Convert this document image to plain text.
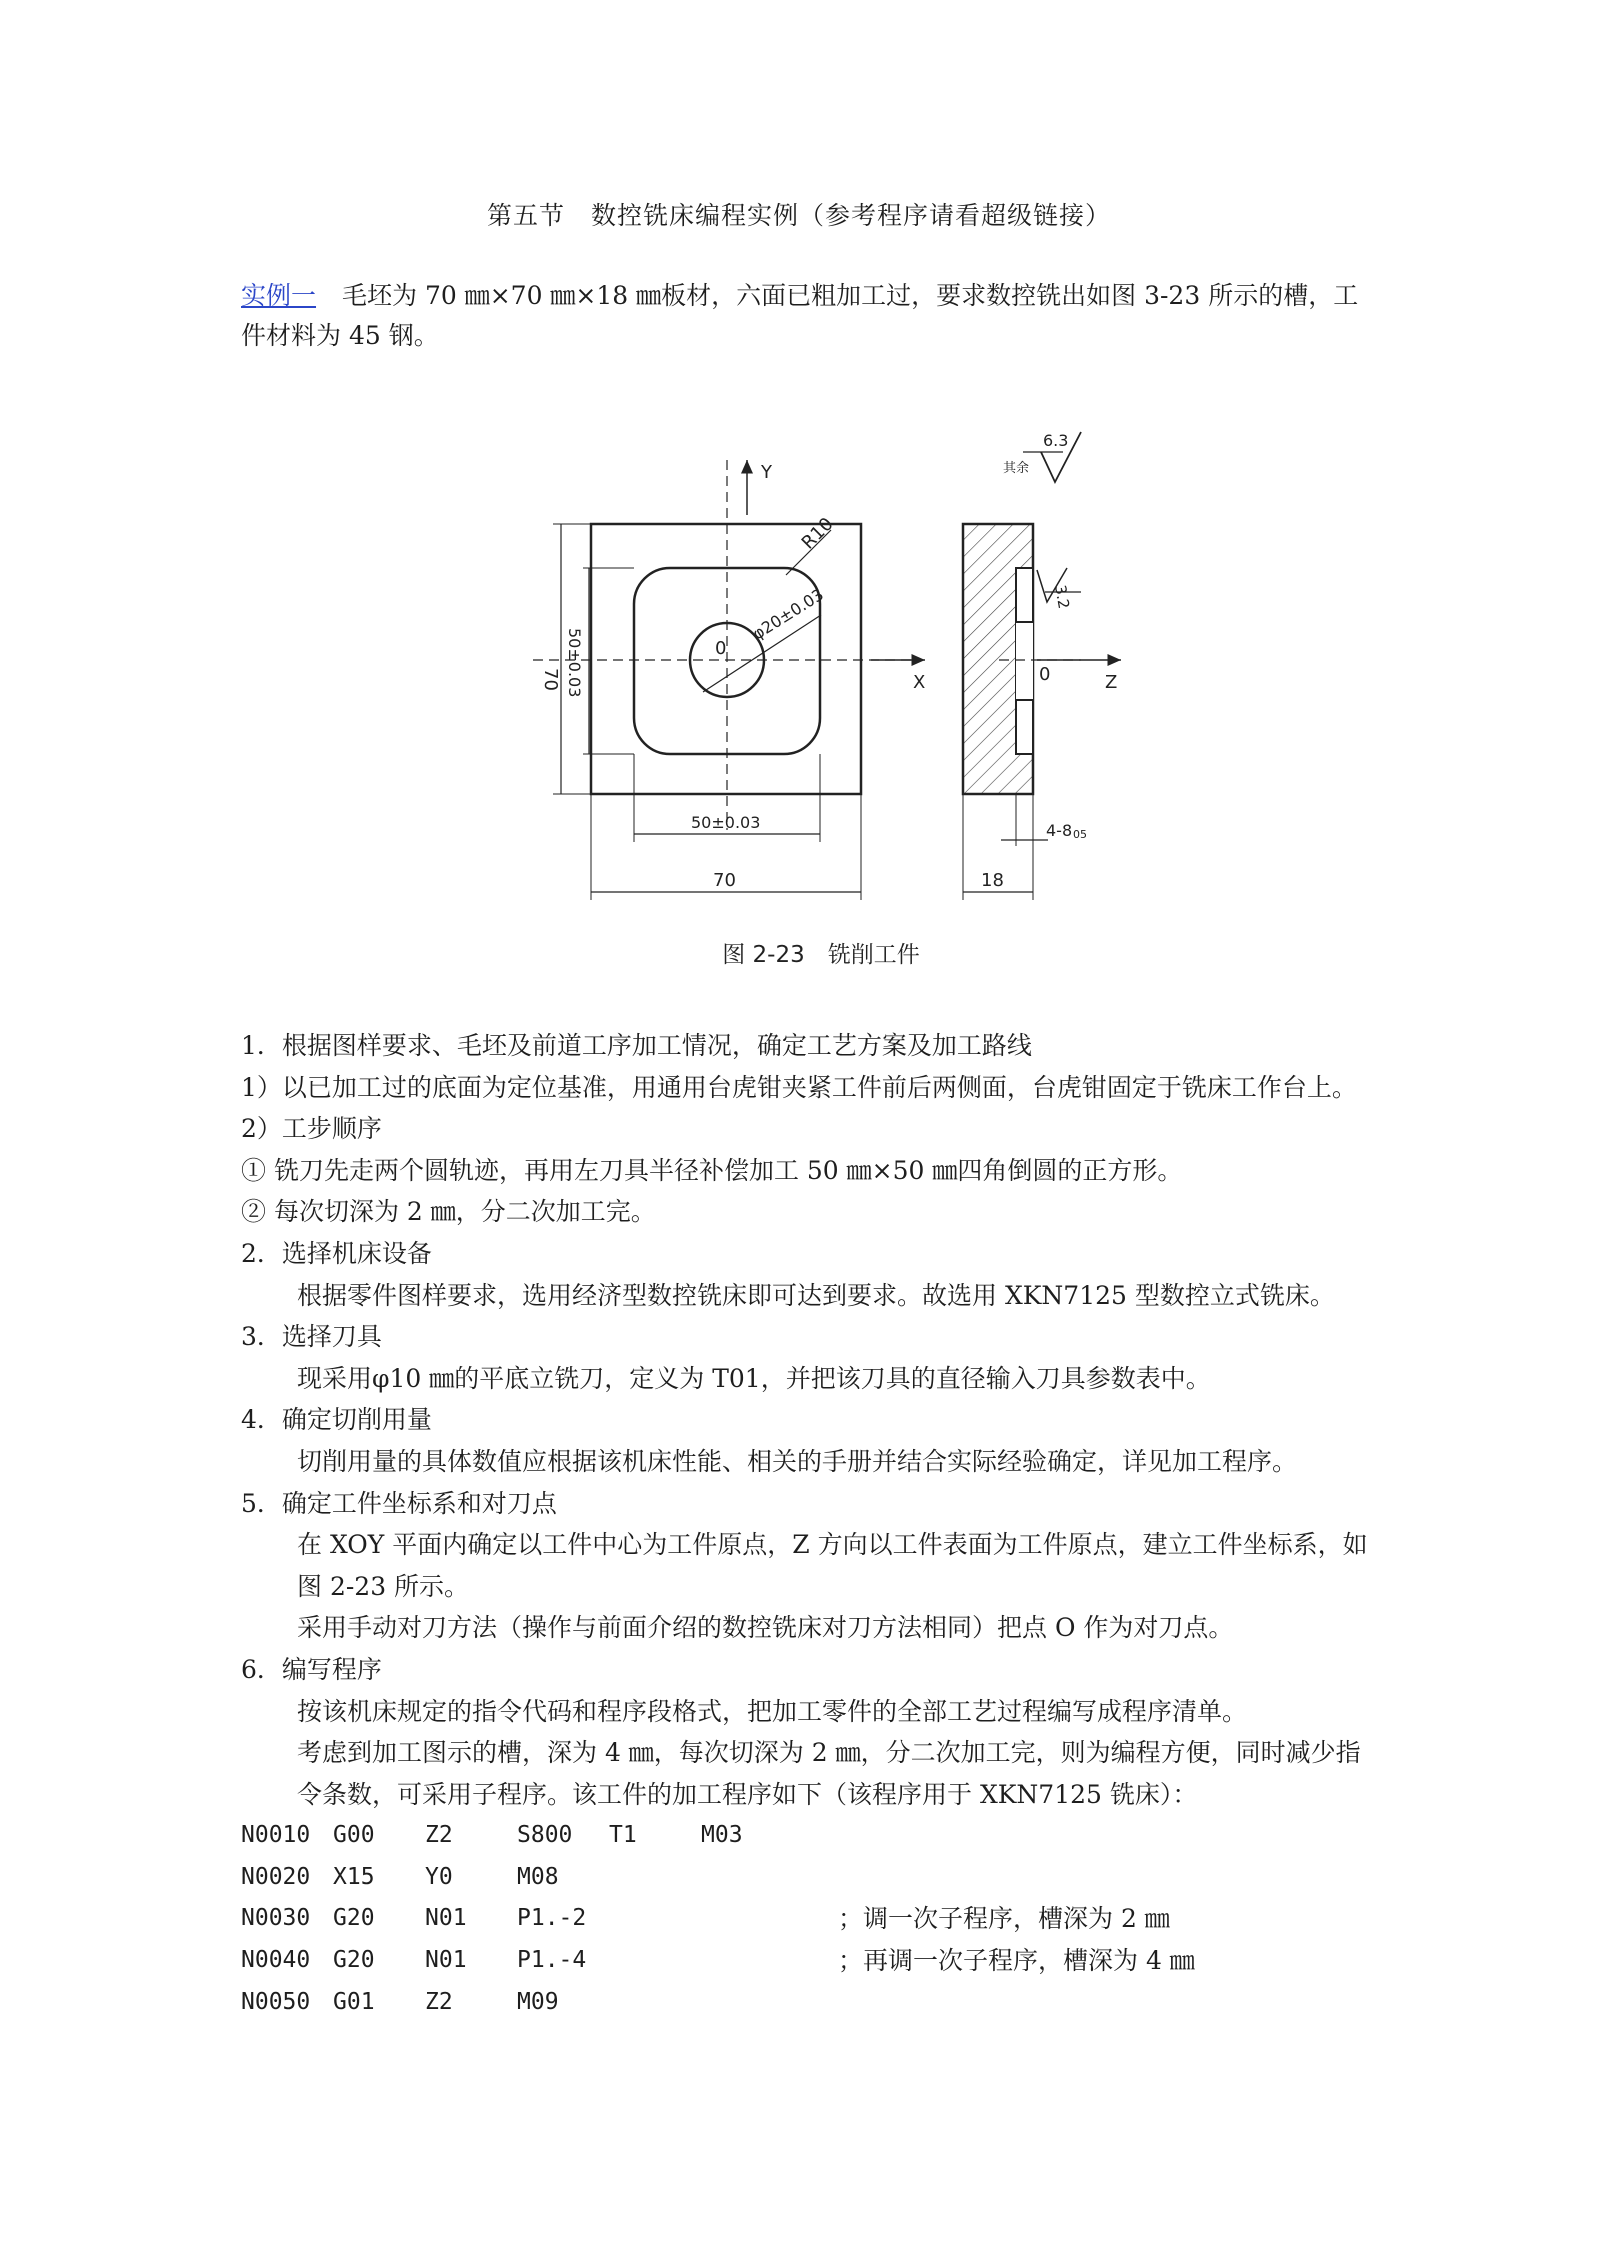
第五节　数控铣床编程实例（参考程序请看超级链接）
实例一 毛坯为 70 ㎜×70 ㎜×18 ㎜板材，六面已粗加工过，要求数控铣出如图 3-23 所示的槽，工件材料为 45 钢。
Y
X
0
R10
φ20±0.03
70 50±0.03
50±0.03
70
Z
0
18
4-8 05
3.2
6.3
其余
图 2-23　铣削工件
1．根据图样要求、毛坯及前道工序加工情况，确定工艺方案及加工路线
1）以已加工过的底面为定位基准，用通用台虎钳夹紧工件前后两侧面，台虎钳固定于铣床工作台上。
2）工步顺序
① 铣刀先走两个圆轨迹，再用左刀具半径补偿加工 50 ㎜×50 ㎜四角倒圆的正方形。
② 每次切深为 2 ㎜，分二次加工完。
2．选择机床设备
根据零件图样要求，选用经济型数控铣床即可达到要求。故选用 XKN7125 型数控立式铣床。
3．选择刀具
现采用φ10 ㎜的平底立铣刀，定义为 T01，并把该刀具的直径输入刀具参数表中。
4．确定切削用量
切削用量的具体数值应根据该机床性能、相关的手册并结合实际经验确定，详见加工程序。
5．确定工件坐标系和对刀点
在 XOY 平面内确定以工件中心为工件原点，Z 方向以工件表面为工件原点，建立工件坐标系，如图 2-23 所示。
采用手动对刀方法（操作与前面介绍的数控铣床对刀方法相同）把点 O 作为对刀点。
6．编写程序
按该机床规定的指令代码和程序段格式，把加工零件的全部工艺过程编写成程序清单。
考虑到加工图示的槽，深为 4 ㎜，每次切深为 2 ㎜，分二次加工完，则为编程方便，同时减少指令条数，可采用子程序。该工件的加工程序如下（该程序用于 XKN7125 铣床）：
N0010 G00 Z2	S800 T1	M03
N0020 X15 Y0	M08
N0030 G20 N01 P1.-2	；调一次子程序，槽深为 2 ㎜
N0040 G20 N01 P1.-4	；再调一次子程序，槽深为 4 ㎜
N0050 G01 Z2	M09
